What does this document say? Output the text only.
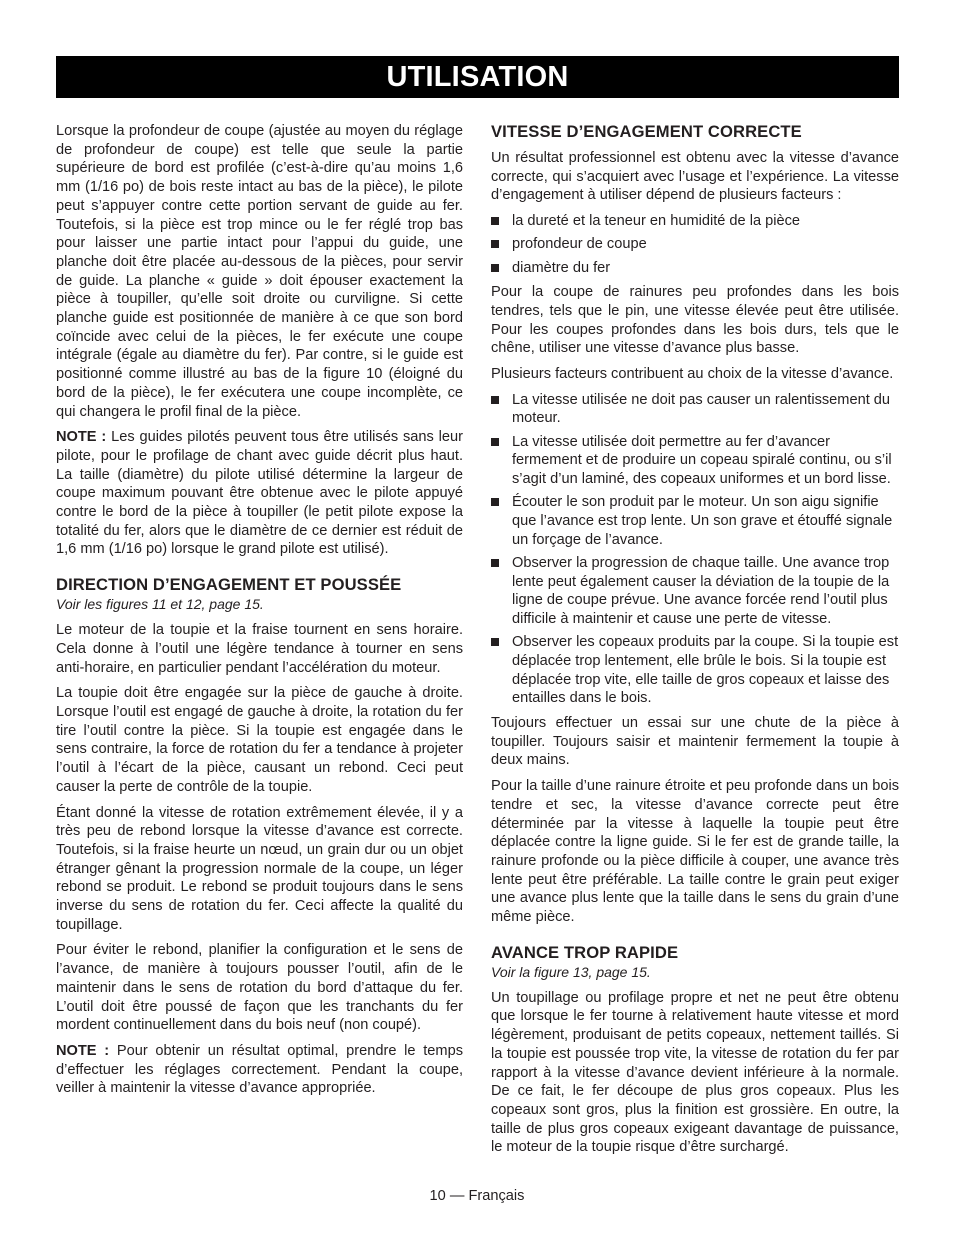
UTILISATION

Lorsque la profondeur de coupe (ajustée au moyen du réglage de profondeur de coupe) est telle que seule la partie supérieure de bord est profilée (c’est-à-dire qu’au moins 1,6 mm (1/16 po) de bois reste intact au bas de la pièce), le pilote peut s’appuyer contre cette portion servant de guide au fer. Toutefois, si la pièce est trop mince ou le fer réglé trop bas pour laisser une partie intact pour l’appui du guide, une planche doit être placée au-dessous de la pièces, pour servir de guide. La planche « guide » doit épouser exactement la pièce à toupiller, qu’elle soit droite ou curviligne. Si cette planche guide est positionnée de manière à ce que son bord coïncide avec celui de la pièces, le fer exécute une coupe intégrale (égale au diamètre du fer). Par contre, si le guide est positionné comme illustré au bas de la figure 10 (éloigné du bord de la pièce), le fer exécutera une coupe incomplète, ce qui changera le profil final de la pièce.

NOTE : Les guides pilotés peuvent tous être utilisés sans leur pilote, pour le profilage de chant avec guide décrit plus haut. La taille (diamètre) du pilote utilisé détermine la largeur de coupe maximum pouvant être obtenue avec le pilote appuyé contre le bord de la pièce à toupiller (le petit pilote expose la totalité du fer, alors que le diamètre de ce dernier est réduit de 1,6 mm (1/16 po) lorsque le grand pilote est utilisé).

DIRECTION D’ENGAGEMENT ET POUSSÉE
Voir les figures 11 et 12, page 15.

Le moteur de la toupie et la fraise tournent en sens horaire. Cela donne à l’outil une légère tendance à tourner en sens anti-horaire, en particulier pendant l’accélération du moteur.

La toupie doit être engagée sur la pièce de gauche à droite. Lorsque l’outil est engagé de gauche à droite, la rotation du fer tire l’outil contre la pièce. Si la toupie est engagée dans le sens contraire, la force de rotation du fer a tendance à projeter l’outil à l’écart de la pièce, causant un rebond. Ceci peut causer la perte de contrôle de la toupie.

Étant donné la vitesse de rotation extrêmement élevée, il y a très peu de rebond lorsque la vitesse d’avance est correcte. Toutefois, si la fraise heurte un nœud, un grain dur ou un objet étranger gênant la progression normale de la coupe, un léger rebond se produit. Le rebond se produit toujours dans le sens inverse du sens de rotation du fer. Ceci affecte la qualité du toupillage.

Pour éviter le rebond, planifier la configuration et le sens de l’avance, de manière à toujours pousser l’outil, afin de le maintenir dans le sens de rotation du bord d’attaque du fer. L’outil doit être poussé de façon que les tranchants du fer mordent continuellement dans du bois neuf (non coupé).

NOTE : Pour obtenir un résultat optimal, prendre le temps d’effectuer les réglages correctement. Pendant la coupe, veiller à maintenir la vitesse d’avance appropriée.

VITESSE D’ENGAGEMENT CORRECTE

Un résultat professionnel est obtenu avec la vitesse d’avance correcte, qui s’acquiert avec l’usage et l’expérience. La vitesse d’engagement à utiliser dépend de plusieurs facteurs :

la dureté et la teneur en humidité de la pièce
profondeur de coupe
diamètre du fer

Pour la coupe de rainures peu profondes dans les bois tendres, tels que le pin, une vitesse élevée peut être utilisée. Pour les coupes profondes dans les bois durs, tels que le chêne, utiliser une vitesse d’avance plus basse.

Plusieurs facteurs contribuent au choix de la vitesse d’avance.

La vitesse utilisée ne doit pas causer un ralentissement du moteur.
La vitesse utilisée doit permettre au fer d’avancer fermement et de produire un copeau spiralé continu, ou s’il s’agit d’un laminé, des copeaux uniformes et un bord lisse.
Écouter le son produit par le moteur. Un son aigu signifie que l’avance est trop lente. Un son grave et étouffé signale un forçage de l’avance.
Observer la progression de chaque taille. Une avance trop lente peut également causer la déviation de la toupie de la ligne de coupe prévue. Une avance forcée rend l’outil plus difficile à maintenir et cause une perte de vitesse.
Observer les copeaux produits par la coupe. Si la toupie est déplacée trop lentement, elle brûle le bois. Si la toupie est déplacée trop vite, elle taille de gros copeaux et laisse des entailles dans le bois.

Toujours effectuer un essai sur une chute de la pièce à toupiller. Toujours saisir et maintenir fermement la toupie à deux mains.

Pour la taille d’une rainure étroite et peu profonde dans un bois tendre et sec, la vitesse d’avance correcte peut être déterminée par la vitesse à laquelle la toupie peut être déplacée contre la ligne guide. Si le fer est de grande taille, la rainure profonde ou la pièce difficile à couper, une avance très lente peut être préférable. La taille contre le grain peut exiger une avance plus lente que la taille dans le sens du grain d’une même pièce.

AVANCE TROP RAPIDE
Voir la figure 13, page 15.

Un toupillage ou profilage propre et net ne peut être obtenu que lorsque le fer tourne à relativement haute vitesse et mord légèrement, produisant de petits copeaux, nettement taillés. Si la toupie est poussée trop vite, la vitesse de rotation du fer par rapport à la vitesse d’avance devient inférieure à la normale. De ce fait, le fer découpe de plus gros copeaux. Plus les copeaux sont gros, plus la finition est grossière. En outre, la taille de plus gros copeaux exigeant davantage de puissance, le moteur de la toupie risque d’être surchargé.

10 — Français
